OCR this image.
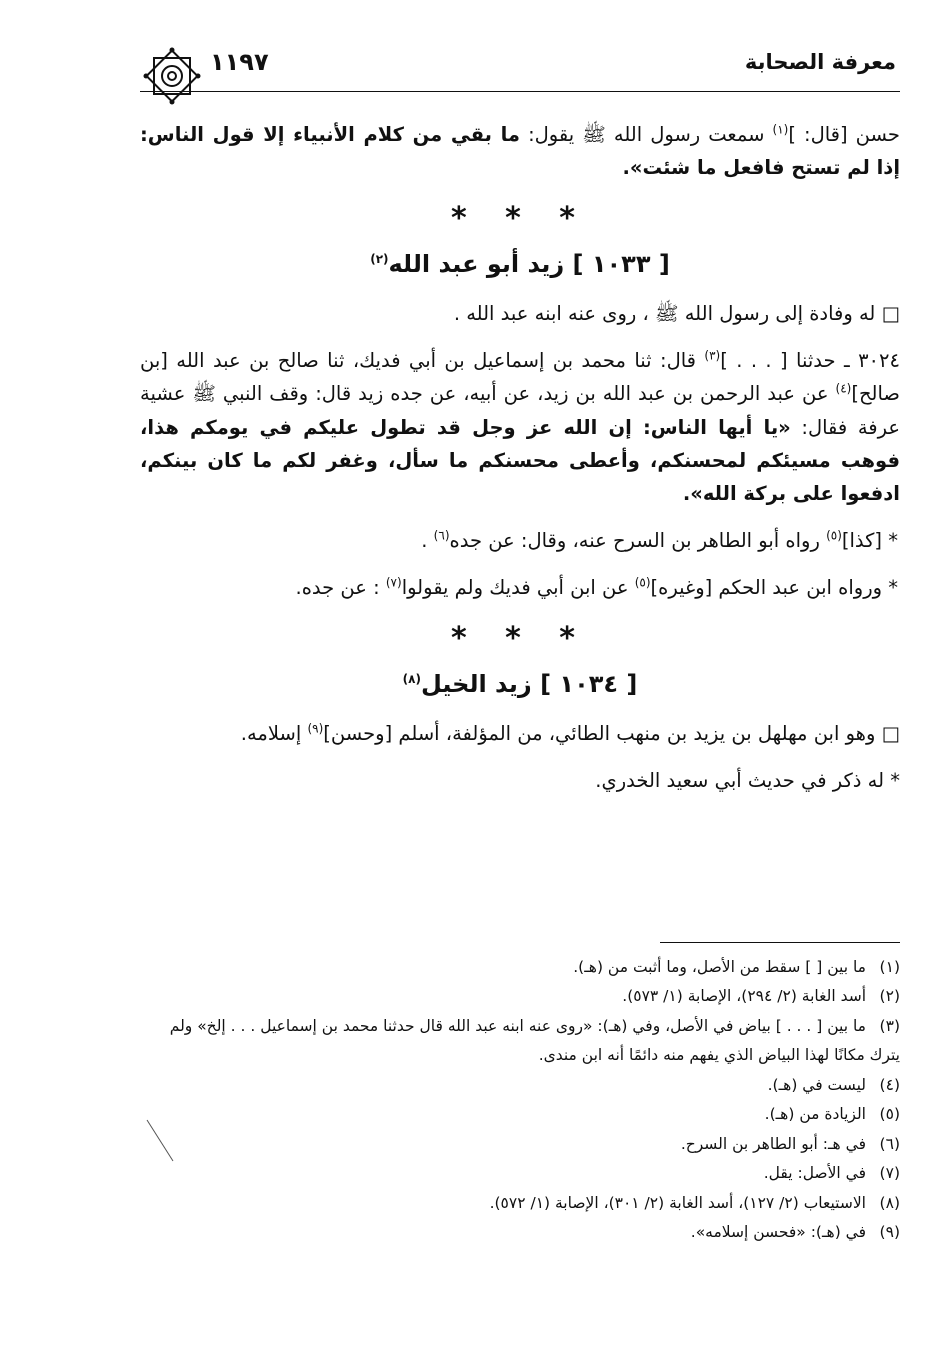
١١٩٧	معرفة الصحابة

حسن [قال: ]$^{(١)}$ سمعت رسول الله ﷺ يقول: ما بقي من كلام الأنبياء إلا قول الناس: إذا لم تستح فافعل ما شئت».

* * *
[ ١٠٣٣ ] زيد أبو عبد الله$^{(٢)}$

□ له وفادة إلى رسول الله ﷺ ، روى عنه ابنه عبد الله .

٣٠٢٤ ـ حدثنا [ . . . ]$^{(٣)}$ قال: ثنا محمد بن إسماعيل بن أبي فديك، ثنا صالح بن عبد الله [بن صالح]$^{(٤)}$ عن عبد الرحمن بن عبد الله بن زيد، عن أبيه، عن جده زيد قال: وقف النبي ﷺ عشية عرفة فقال: «يا أيها الناس: إن الله عز وجل قد تطول عليكم في يومكم هذا، فوهب مسيئكم لمحسنكم، وأعطى محسنكم ما سأل، وغفر لكم ما كان بينكم، ادفعوا على بركة الله».

* [كذا]$^{(٥)}$ رواه أبو الطاهر بن السرح عنه، وقال: عن جده$^{(٦)}$ .

* ورواه ابن عبد الحكم [وغيره]$^{(٥)}$ عن ابن أبي فديك ولم يقولوا$^{(٧)}$ : عن جده.

* * *
[ ١٠٣٤ ] زيد الخيل$^{(٨)}$

□ وهو ابن مهلهل بن يزيد بن منهب الطائي، من المؤلفة، أسلم [وحسن]$^{(٩)}$ إسلامه.

* له ذكر في حديث أبي سعيد الخدري.

(١)ما بين [ ] سقط من الأصل، وما أثبت من (هـ).

(٢)أسد الغابة (٢/ ٢٩٤)، الإصابة (١/ ٥٧٣).

(٣)ما بين [ . . . ] بياض في الأصل، وفي (هـ): «روى عنه ابنه عبد الله قال حدثنا محمد بن إسماعيل . . . إلخ» ولم يترك مكانًا لهذا البياض الذي يفهم منه دائمًا أنه ابن مندى.

(٤)ليست في (هـ).

(٥)الزيادة من (هـ).

(٦)في هـ: أبو الطاهر بن السرح.

(٧)في الأصل: يقل.

(٨)الاستيعاب (٢/ ١٢٧)، أسد الغابة (٢/ ٣٠١)، الإصابة (١/ ٥٧٢).

(٩)في (هـ): «فحسن إسلامه».
